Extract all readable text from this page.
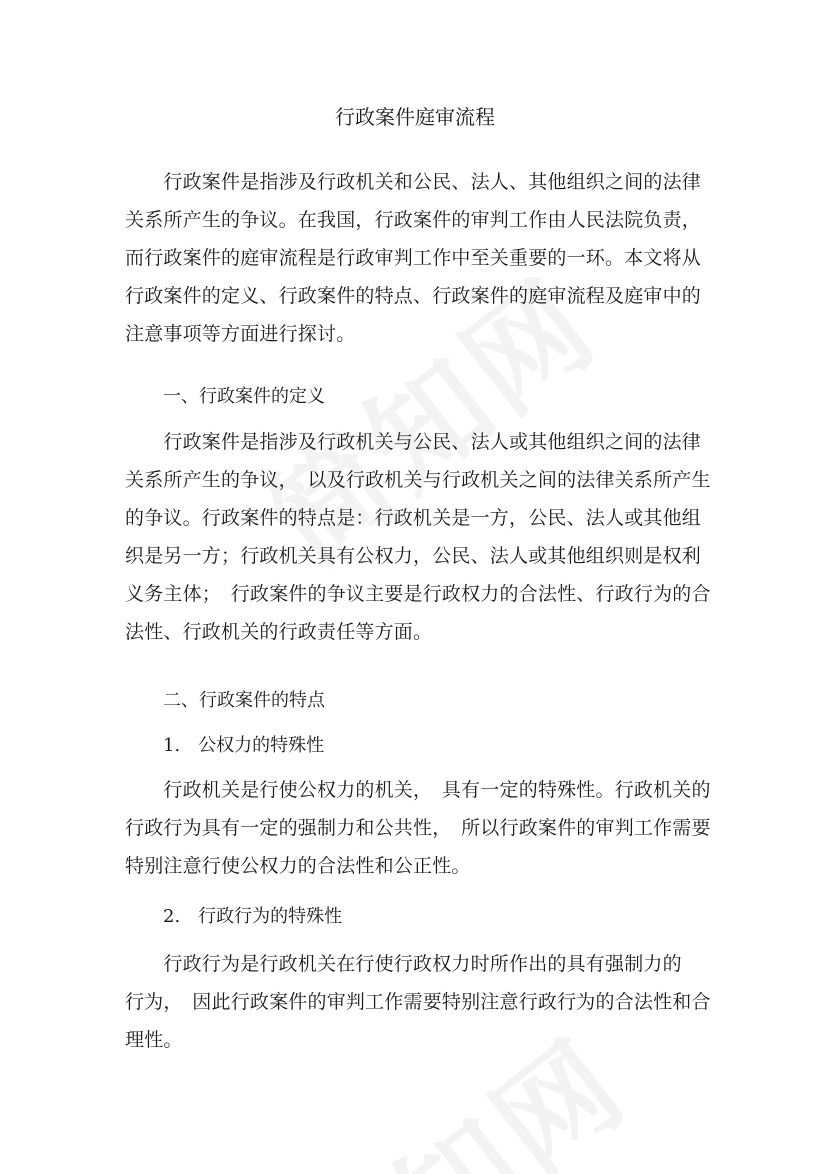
行政案件庭审流程

　　行政案件是指涉及行政机关和公民、法人、其他组织之间的法律
关系所产生的争议。在我国，行政案件的审判工作由人民法院负责，
而行政案件的庭审流程是行政审判工作中至关重要的一环。本文将从
行政案件的定义、行政案件的特点、行政案件的庭审流程及庭审中的
注意事项等方面进行探讨。

一、行政案件的定义

　　行政案件是指涉及行政机关与公民、法人或其他组织之间的法律
关系所产生的争议，　以及行政机关与行政机关之间的法律关系所产生
的争议。行政案件的特点是：行政机关是一方，公民、法人或其他组
织是另一方；行政机关具有公权力，公民、法人或其他组织则是权利
义务主体；　行政案件的争议主要是行政权力的合法性、行政行为的合
法性、行政机关的行政责任等方面。

二、行政案件的特点
1.　公权力的特殊性

　　行政机关是行使公权力的机关，　具有一定的特殊性。行政机关的
行政行为具有一定的强制力和公共性，　所以行政案件的审判工作需要
特别注意行使公权力的合法性和公正性。

2.　行政行为的特殊性

　　行政行为是行政机关在行使行政权力时所作出的具有强制力的
行为，　因此行政案件的审判工作需要特别注意行政行为的合法性和合
理性。
